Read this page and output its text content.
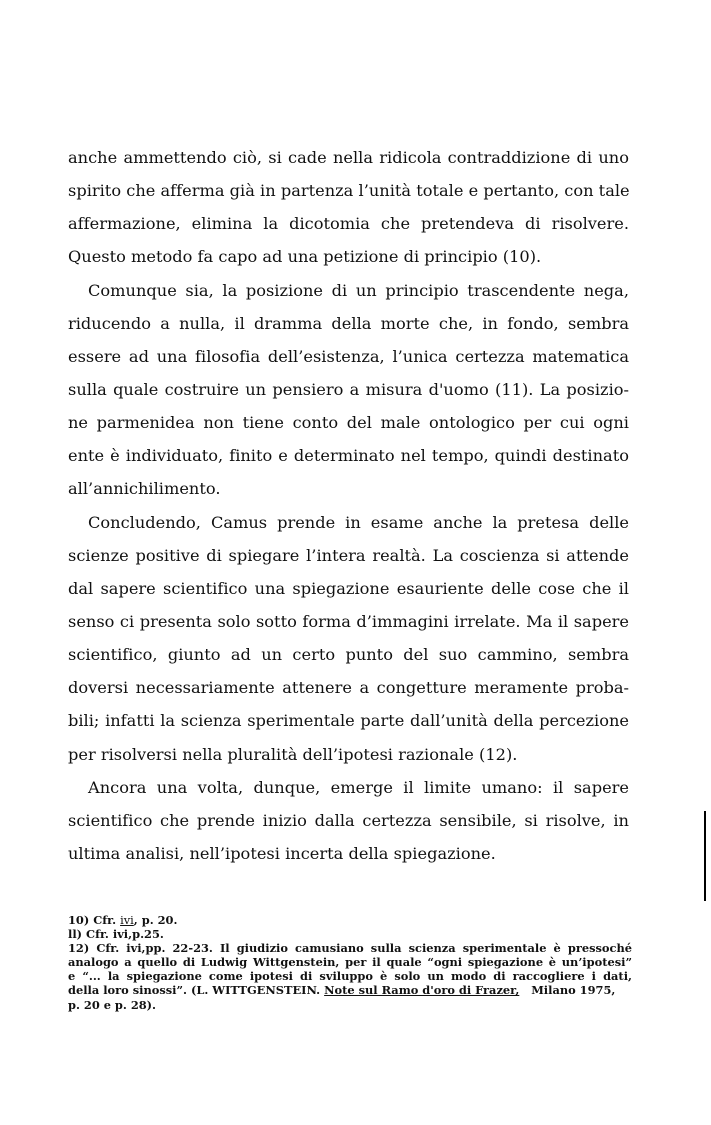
anche ammettendo ciò, si cade nella ridicola contraddizione di uno
spirito che afferma già in partenza l’unità totale e pertanto, con tale
affermazione, elimina la dicotomia che pretendeva di risolvere.
Questo metodo fa capo ad una petizione di principio (10).
Comunque sia, la posizione di un principio trascendente nega,
riducendo a nulla, il dramma della morte che, in fondo, sembra
essere ad una filosofia dell’esistenza, l’unica certezza matematica
sulla quale costruire un pensiero a misura d'uomo (11). La posizio-
ne parmenidea non tiene conto del male ontologico per cui ogni
ente è individuato, finito e determinato nel tempo, quindi destinato
all’annichilimento.
Concludendo, Camus prende in esame anche la pretesa delle
scienze positive di spiegare l’intera realtà. La coscienza si attende
dal sapere scientifico una spiegazione esauriente delle cose che il
senso ci presenta solo sotto forma d’immagini irrelate. Ma il sapere
scientifico, giunto ad un certo punto del suo cammino, sembra
doversi necessariamente attenere a congetture meramente proba-
bili; infatti la scienza sperimentale parte dall’unità della percezione
per risolversi nella pluralità dell’ipotesi razionale (12).
Ancora una volta, dunque, emerge il limite umano: il sapere
scientifico che prende inizio dalla certezza sensibile, si risolve, in
ultima analisi, nell’ipotesi incerta della spiegazione.
10) Cfr. ivi, p. 20.
ll) Cfr. ivi,p.25.
12) Cfr. ivi,pp. 22-23. Il giudizio camusiano sulla scienza sperimentale è pressoché
analogo a quello di Ludwig Wittgenstein, per il quale “ogni spiegazione è un’ipotesi”
e “... la spiegazione come ipotesi di sviluppo è solo un modo di raccogliere i dati,
della loro sinossi”. (L. WITTGENSTEIN. Note sul Ramo d'oro di Frazer,   Milano 1975,
p. 20 e p. 28).
